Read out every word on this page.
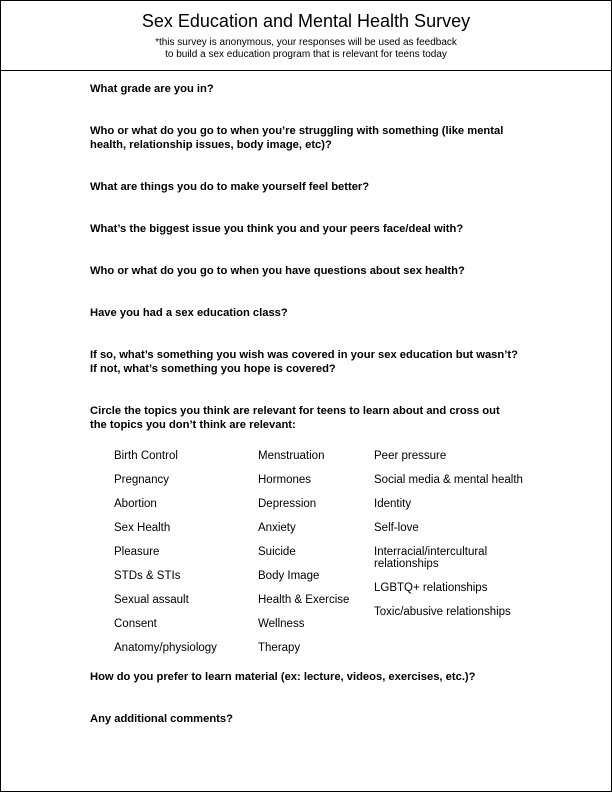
Sex Education and Mental Health Survey
*this survey is anonymous, your responses will be used as feedback
to build a sex education program that is relevant for teens today
What grade are you in?
Who or what do you go to when you’re struggling with something (like mental
health, relationship issues, body image, etc)?
What are things you do to make yourself feel better?
What’s the biggest issue you think you and your peers face/deal with?
Who or what do you go to when you have questions about sex health?
Have you had a sex education class?
If so, what’s something you wish was covered in your sex education but wasn’t?
If not, what’s something you hope is covered?
Circle the topics you think are relevant for teens to learn about and cross out
the topics you don’t think are relevant:
Birth Control
Pregnancy
Abortion
Sex Health
Pleasure
STDs & STIs
Sexual assault
Consent
Anatomy/physiology
Menstruation
Hormones
Depression
Anxiety
Suicide
Body Image
Health & Exercise
Wellness
Therapy
Peer pressure
Social media & mental health
Identity
Self-love
Interracial/intercultural relationships
LGBTQ+ relationships
Toxic/abusive relationships
How do you prefer to learn material (ex: lecture, videos, exercises, etc.)?
Any additional comments?
